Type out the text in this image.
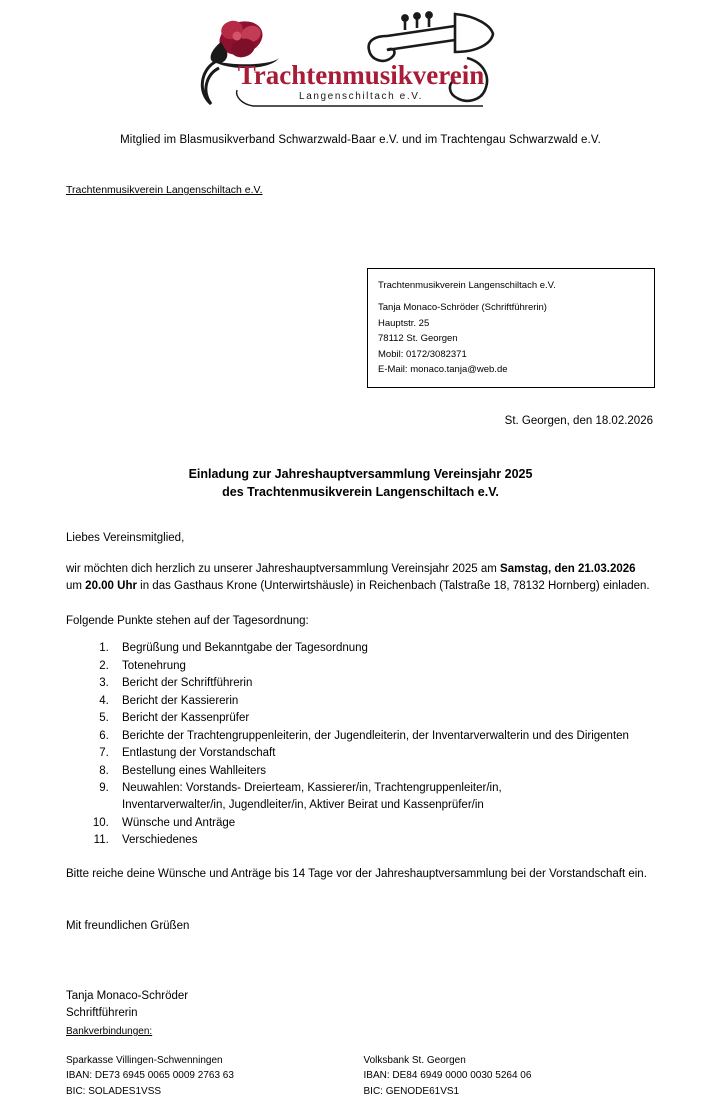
Trachtenmusikverein
Langenschiltach e.V.
Mitglied im Blasmusikverband Schwarzwald-Baar e.V. und im Trachtengau Schwarzwald e.V.
Trachtenmusikverein Langenschiltach e.V.
Trachtenmusikverein Langenschiltach e.V.
Tanja Monaco-Schröder (Schriftführerin)
Hauptstr. 25
78112 St. Georgen
Mobil: 0172/3082371
E-Mail: monaco.tanja@web.de
St. Georgen, den 18.02.2026
Einladung zur Jahreshauptversammlung Vereinsjahr 2025
des Trachtenmusikverein Langenschiltach e.V.
Liebes Vereinsmitglied,
wir möchten dich herzlich zu unserer Jahreshauptversammlung Vereinsjahr 2025 am Samstag, den 21.03.2026
um 20.00 Uhr in das Gasthaus Krone (Unterwirtshäusle) in Reichenbach (Talstraße 18, 78132 Hornberg) einladen.
Folgende Punkte stehen auf der Tagesordnung:
1. Begrüßung und Bekanntgabe der Tagesordnung
2. Totenehrung
3. Bericht der Schriftführerin
4. Bericht der Kassiererin
5. Bericht der Kassenprüfer
6. Berichte der Trachtengruppenleiterin, der Jugendleiterin, der Inventarverwalterin und des Dirigenten
7. Entlastung der Vorstandschaft
8. Bestellung eines Wahlleiters
9. Neuwahlen: Vorstands- Dreierteam, Kassierer/in, Trachtengruppenleiter/in,
Inventarverwalter/in, Jugendleiter/in, Aktiver Beirat und Kassenprüfer/in
10. Wünsche und Anträge
11. Verschiedenes
Bitte reiche deine Wünsche und Anträge bis 14 Tage vor der Jahreshauptversammlung bei der Vorstandschaft ein.
Mit freundlichen Grüßen
Tanja Monaco-Schröder
Schriftführerin
Bankverbindungen:
Sparkasse Villingen-Schwenningen
IBAN: DE73 6945 0065 0009 2763 63
BIC: SOLADES1VSS
Volksbank St. Georgen
IBAN: DE84 6949 0000 0030 5264 06
BIC: GENODE61VS1
